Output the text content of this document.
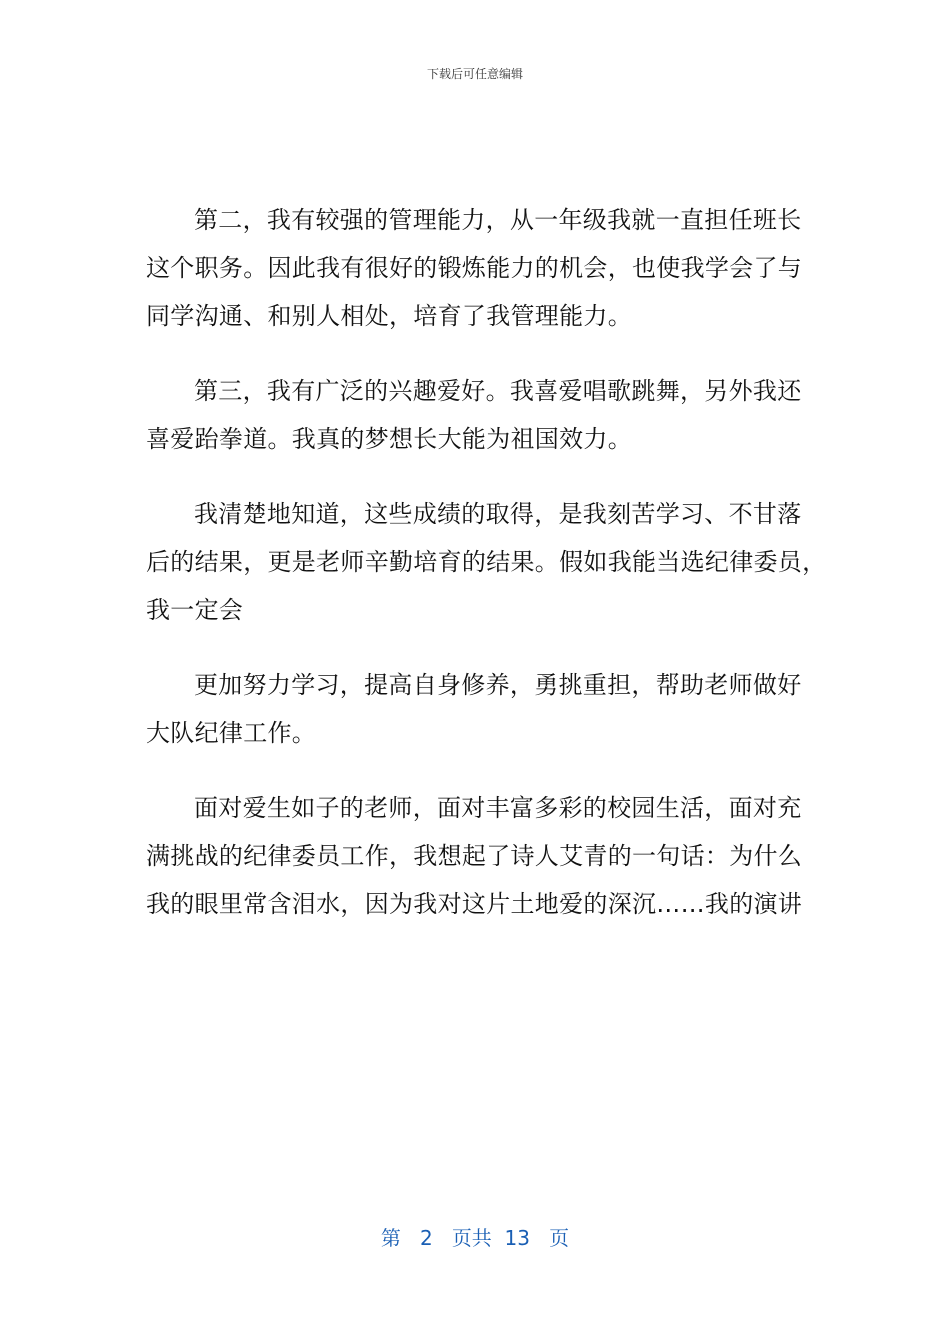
下载后可任意编辑
第二，我有较强的管理能力，从一年级我就一直担任班长
这个职务。因此我有很好的锻炼能力的机会，也使我学会了与
同学沟通、和别人相处，培育了我管理能力。
第三，我有广泛的兴趣爱好。我喜爱唱歌跳舞，另外我还
喜爱跆拳道。我真的梦想长大能为祖国效力。
我清楚地知道，这些成绩的取得，是我刻苦学习、不甘落
后的结果，更是老师辛勤培育的结果。假如我能当选纪律委员，
我一定会
更加努力学习，提高自身修养，勇挑重担，帮助老师做好
大队纪律工作。
面对爱生如子的老师，面对丰富多彩的校园生活，面对充
满挑战的纪律委员工作，我想起了诗人艾青的一句话：为什么
我的眼里常含泪水，因为我对这片土地爱的深沉……我的演讲
第 2 页共 13 页
